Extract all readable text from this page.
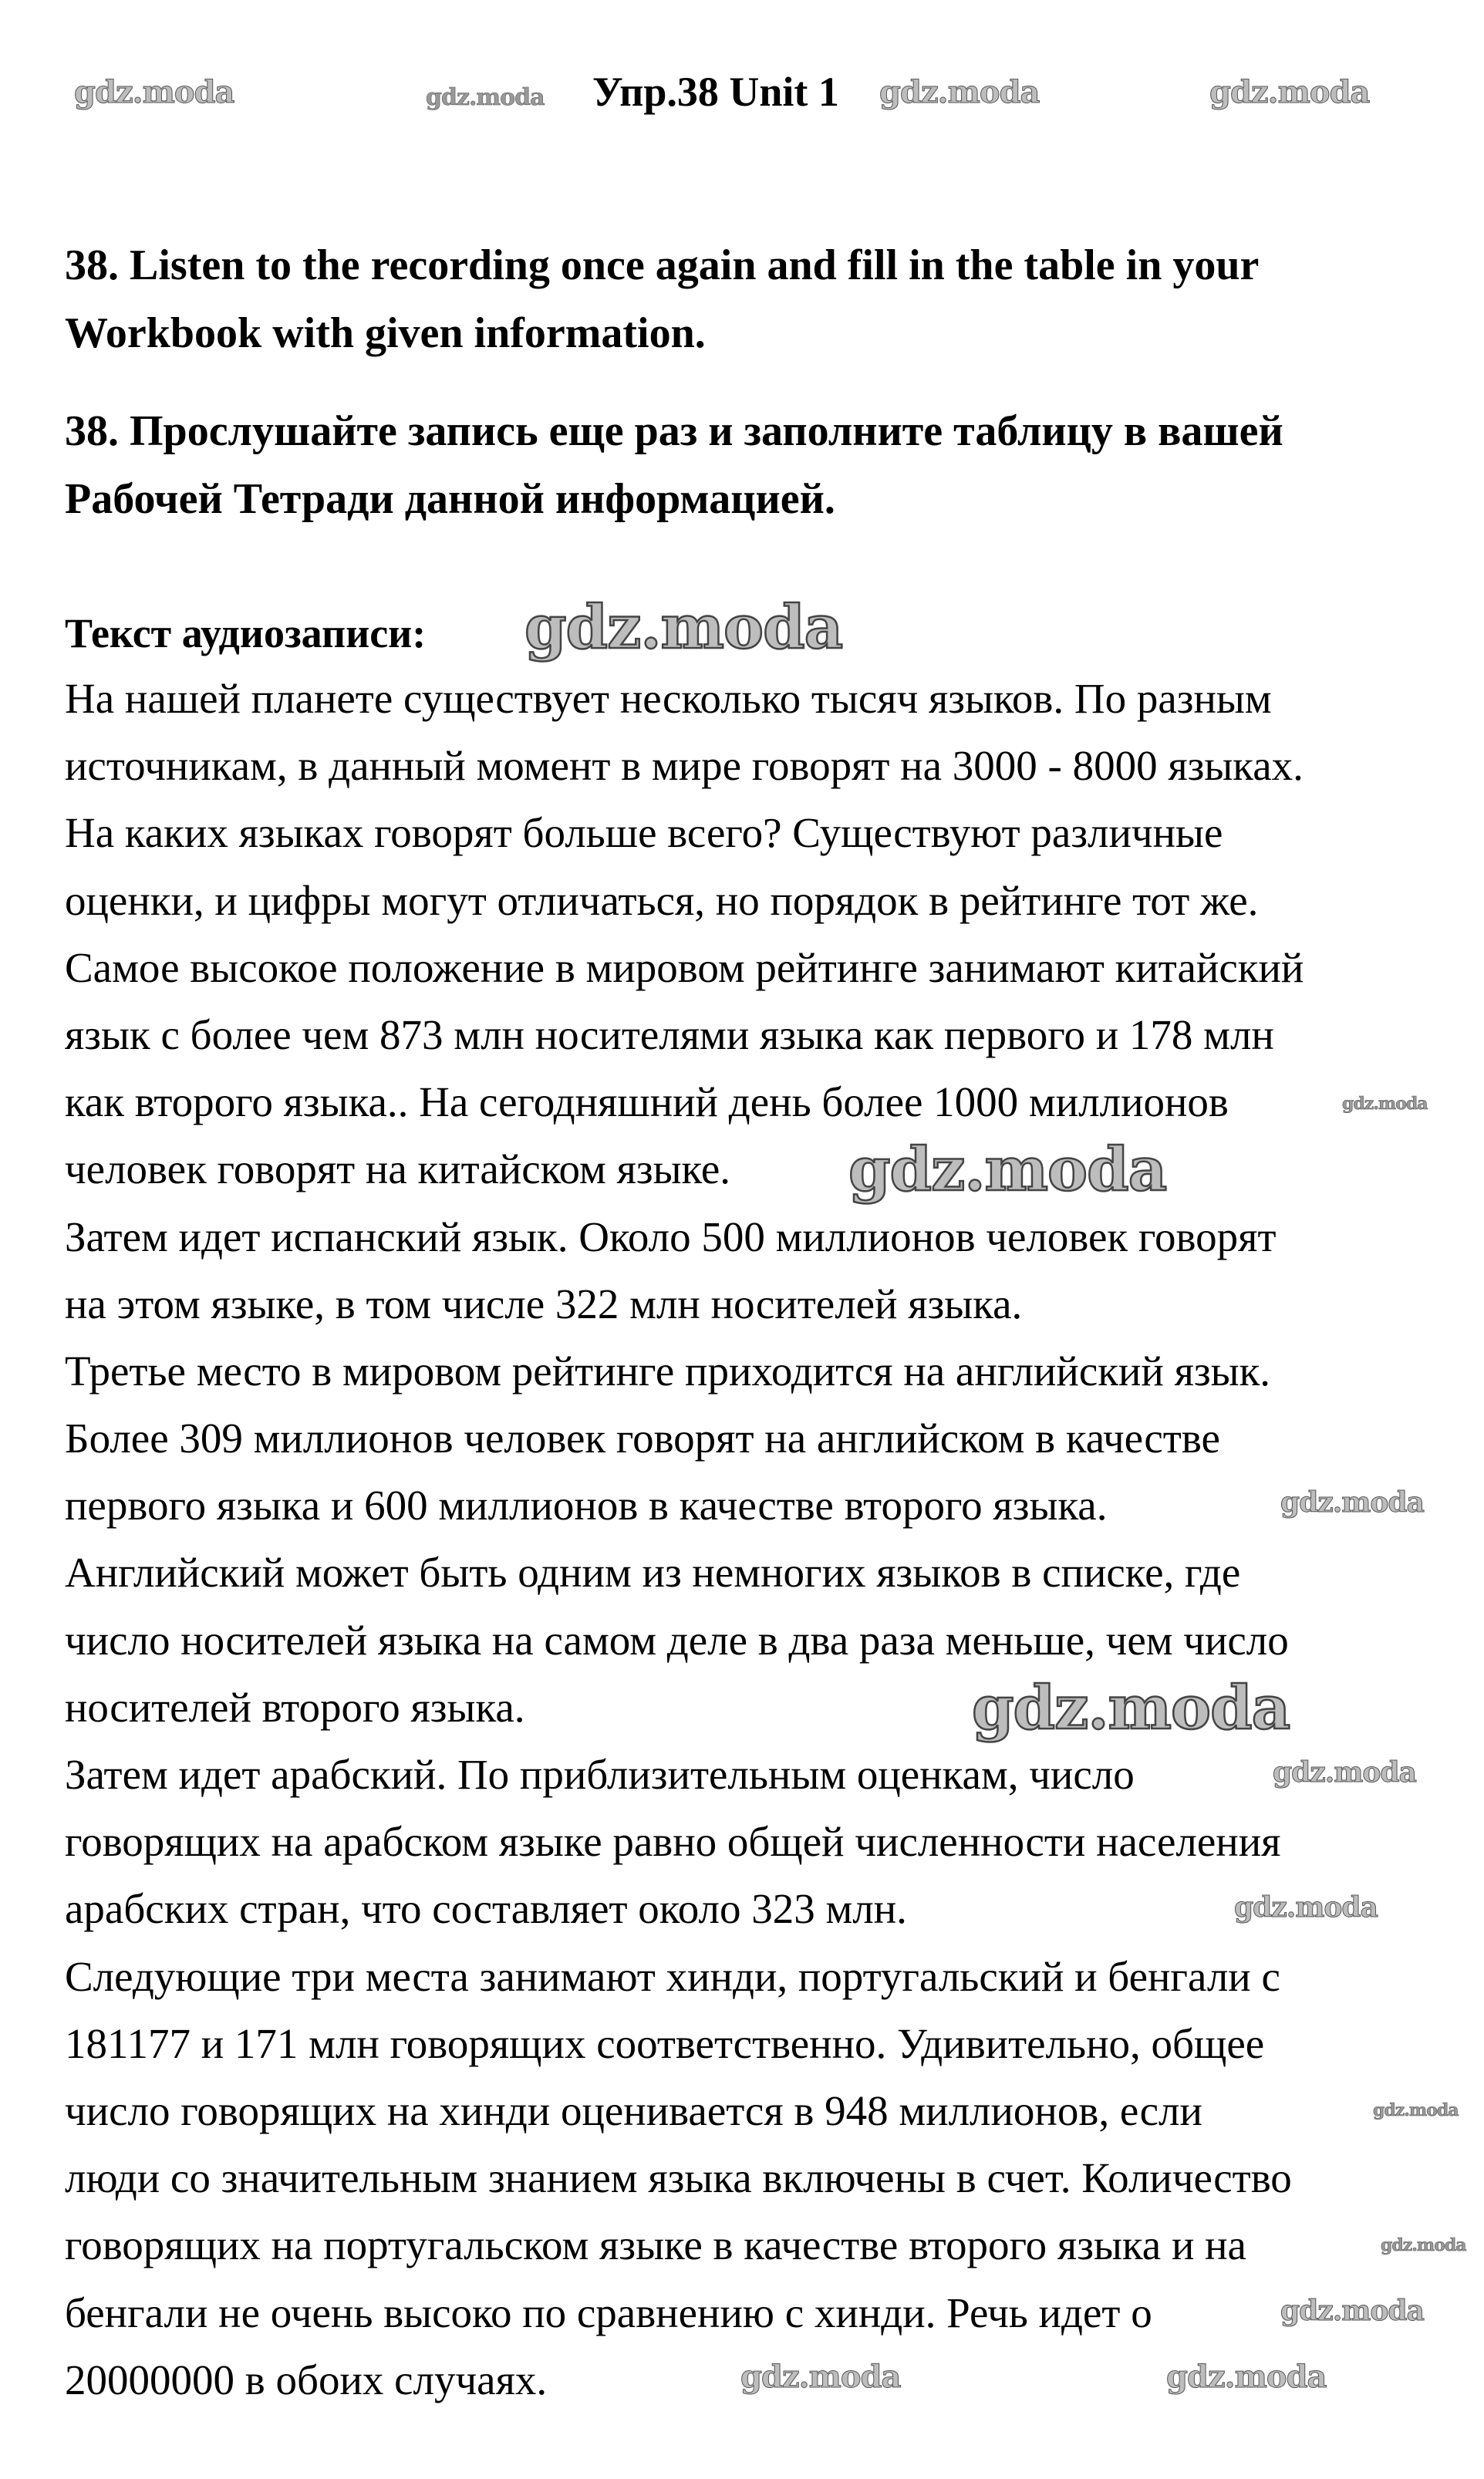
Упр.38 Unit 1
38. Listen to the recording once again and fill in the table in your
Workbook with given information.
38. Прослушайте запись еще раз и заполните таблицу в вашей
Рабочей Тетради данной информацией.
Текст аудиозаписи:
На нашей планете существует несколько тысяч языков. По разным
источникам, в данный момент в мире говорят на 3000 - 8000 языках.
На каких языках говорят больше всего? Существуют различные
оценки, и цифры могут отличаться, но порядок в рейтинге тот же.
Самое высокое положение в мировом рейтинге занимают китайский
язык с более чем 873 млн носителями языка как первого и 178 млн
как второго языка.. На сегодняшний день более 1000 миллионов
человек говорят на китайском языке.
Затем идет испанский язык. Около 500 миллионов человек говорят
на этом языке, в том числе 322 млн носителей языка.
Третье место в мировом рейтинге приходится на английский язык.
Более 309 миллионов человек говорят на английском в качестве
первого языка и 600 миллионов в качестве второго языка.
Английский может быть одним из немногих языков в списке, где
число носителей языка на самом деле в два раза меньше, чем число
носителей второго языка.
Затем идет арабский. По приблизительным оценкам, число
говорящих на арабском языке равно общей численности населения
арабских стран, что составляет около 323 млн.
Следующие три места занимают хинди, португальский и бенгали с
181177 и 171 млн говорящих соответственно. Удивительно, общее
число говорящих на хинди оценивается в 948 миллионов, если
люди со значительным знанием языка включены в счет. Количество
говорящих на португальском языке в качестве второго языка и на
бенгали не очень высоко по сравнению с хинди. Речь идет о
20000000 в обоих случаях.
gdz.moda	gdz.moda	gdz.moda	gdz.moda
gdz.moda
gdz.moda
gdz.moda
gdz.moda
gdz.moda
gdz.moda
gdz.moda
gdz.moda
gdz.moda
gdz.moda
gdz.moda	gdz.moda
